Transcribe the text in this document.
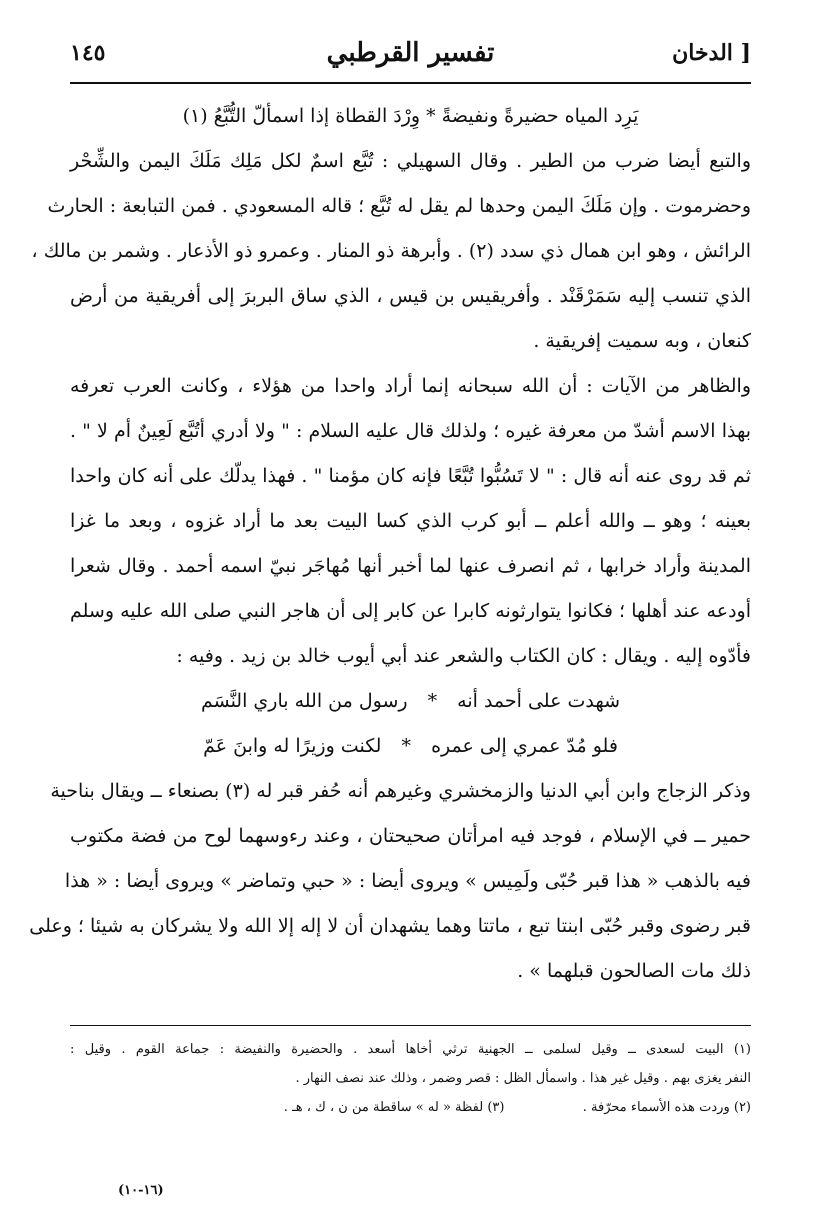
الدخان ]
تفسير القرطبي
١٤٥
يَرِد المياه حضيرةً ونفيضةً * وِرْدَ القطاة إذا اسمألّ التُّبَّعُ (١)
والتبع أيضا ضرب من الطير . وقال السهيلي : تُبَّع اسمٌ لكل مَلِك مَلَكَ اليمن والشِّحْر
وحضرموت . وإن مَلَكَ اليمن وحدها لم يقل له تُبَّع ؛ قاله المسعودي . فمن التبابعة : الحارث
الرائش ، وهو ابن همال ذي سدد (٢) . وأبرهة ذو المنار . وعمرو ذو الأذعار . وشمر بن مالك ،
الذي تنسب إليه سَمَرْقَنْد . وأفريقيس بن قيس ، الذي ساق البربرَ إلى أفريقية من أرض
كنعان ، وبه سميت إفريقية .
والظاهر من الآيات : أن الله سبحانه إنما أراد واحدا من هؤلاء ، وكانت العرب تعرفه
بهذا الاسم أشدّ من معرفة غيره ؛ ولذلك قال عليه السلام : " ولا أدري أتُبَّع لَعِينٌ أم لا " .
ثم قد روى عنه أنه قال : " لا تَسُبُّوا تُبَّعًا فإنه كان مؤمنا " . فهذا يدلّك على أنه كان واحدا
بعينه ؛ وهو ــ والله أعلم ــ أبو كرب الذي كسا البيت بعد ما أراد غزوه ، وبعد ما غزا
المدينة وأراد خرابها ، ثم انصرف عنها لما أخبر أنها مُهاجَر نبيّ اسمه أحمد . وقال شعرا
أودعه عند أهلها ؛ فكانوا يتوارثونه كابرا عن كابر إلى أن هاجر النبي صلى الله عليه وسلم
فأدّوه إليه . ويقال : كان الكتاب والشعر عند أبي أيوب خالد بن زيد . وفيه :
شهدت على أحمد أنه * رسول من الله باري النَّسَم
فلو مُدّ عمري إلى عمره * لكنت وزيرًا له وابنَ عَمّ
وذكر الزجاج وابن أبي الدنيا والزمخشري وغيرهم أنه حُفر قبر له (٣) بصنعاء ــ ويقال بناحية
حمير ــ في الإسلام ، فوجد فيه امرأتان صحيحتان ، وعند رءوسهما لوح من فضة مكتوب
فيه بالذهب « هذا قبر حُبّى ولَمِيس » ويروى أيضا : « حبي وتماضر » ويروى أيضا : « هذا
قبر رضوى وقبر حُبّى ابنتا تبع ، ماتتا وهما يشهدان أن لا إله إلا الله ولا يشركان به شيئا ؛ وعلى
ذلك مات الصالحون قبلهما » .
(١) البيت لسعدى ــ وقيل لسلمى ــ الجهنية ترثي أخاها أسعد . والحضيرة والنفيضة : جماعة القوم . وقيل :
النفر يغزى بهم . وقيل غير هذا . واسمأل الظل : قصر وضمر ، وذلك عند نصف النهار .
(٢) وردت هذه الأسماء محرّفة .  (٣) لفظة « له » ساقطة من ن ، ك ، هـ .
(١٦-١٠)
